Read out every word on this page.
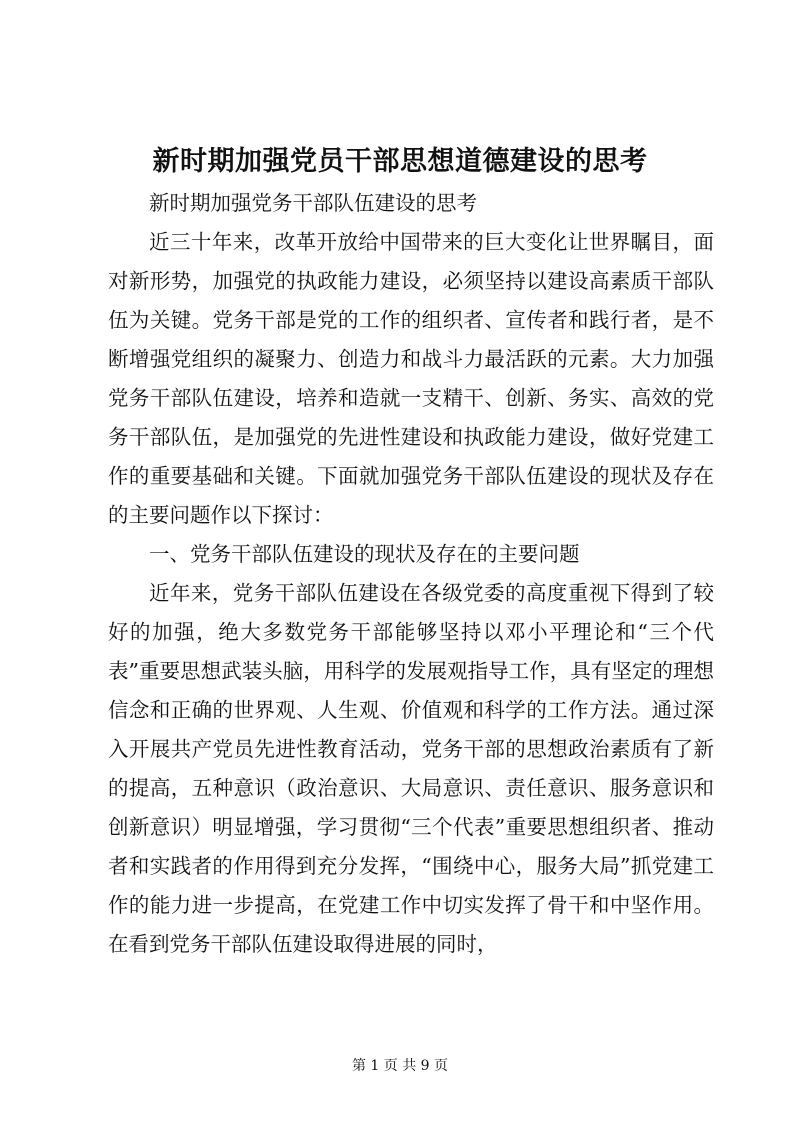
新时期加强党员干部思想道德建设的思考

新时期加强党务干部队伍建设的思考

近三十年来，改革开放给中国带来的巨大变化让世界瞩目，面对新形势，加强党的执政能力建设，必须坚持以建设高素质干部队伍为关键。党务干部是党的工作的组织者、宣传者和践行者，是不断增强党组织的凝聚力、创造力和战斗力最活跃的元素。大力加强党务干部队伍建设，培养和造就一支精干、创新、务实、高效的党务干部队伍，是加强党的先进性建设和执政能力建设，做好党建工作的重要基础和关键。下面就加强党务干部队伍建设的现状及存在的主要问题作以下探讨：

一、党务干部队伍建设的现状及存在的主要问题

近年来，党务干部队伍建设在各级党委的高度重视下得到了较好的加强，绝大多数党务干部能够坚持以邓小平理论和“三个代表”重要思想武装头脑，用科学的发展观指导工作，具有坚定的理想信念和正确的世界观、人生观、价值观和科学的工作方法。通过深入开展共产党员先进性教育活动，党务干部的思想政治素质有了新的提高，五种意识（政治意识、大局意识、责任意识、服务意识和创新意识）明显增强，学习贯彻“三个代表”重要思想组织者、推动者和实践者的作用得到充分发挥，“围绕中心，服务大局”抓党建工作的能力进一步提高，在党建工作中切实发挥了骨干和中坚作用。在看到党务干部队伍建设取得进展的同时，

第 1 页 共 9 页
